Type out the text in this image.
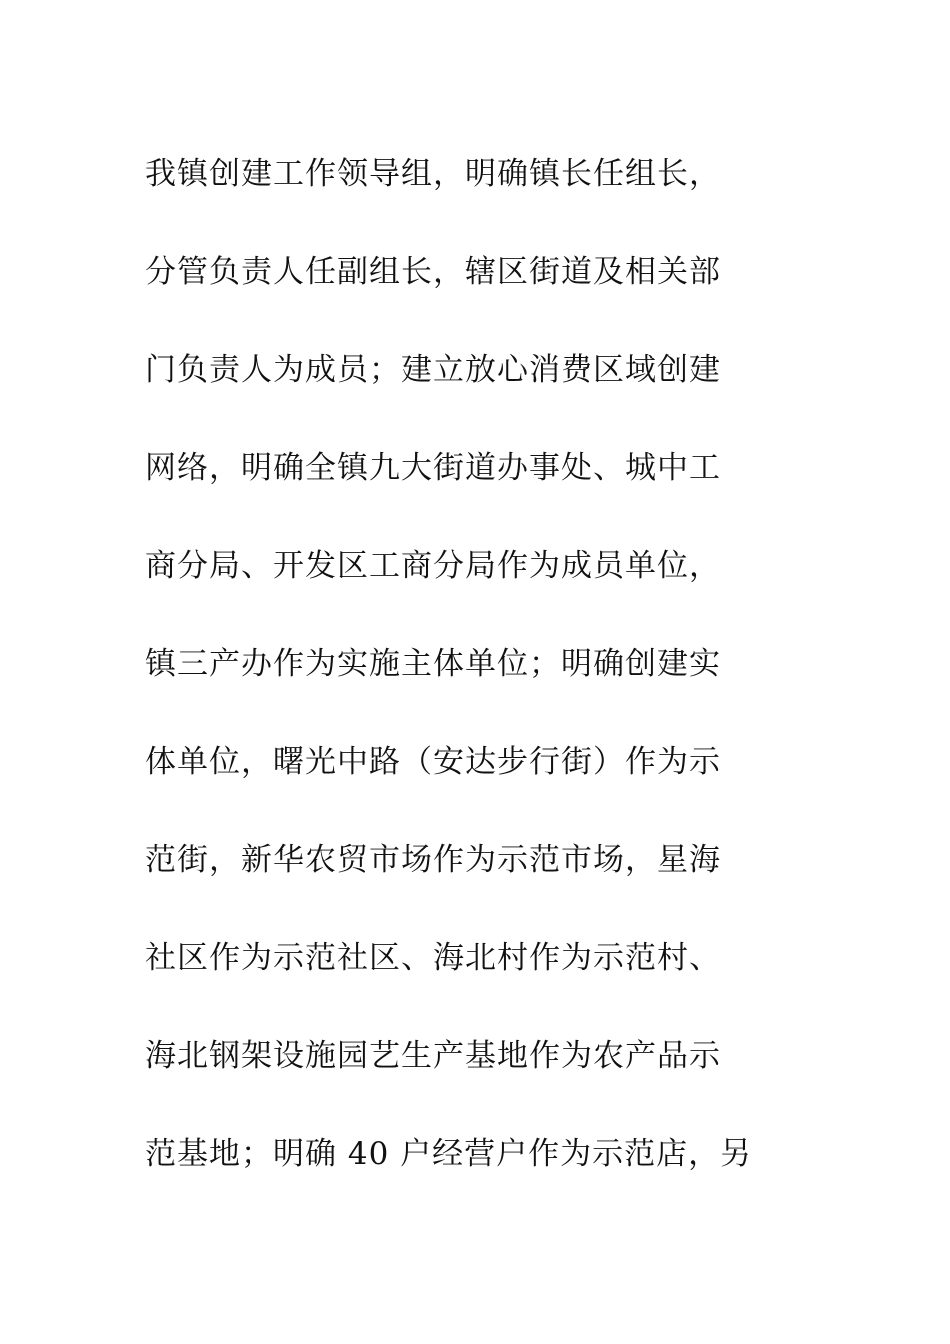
我镇创建工作领导组，明确镇长任组长，
分管负责人任副组长，辖区街道及相关部
门负责人为成员；建立放心消费区域创建
网络，明确全镇九大街道办事处、城中工
商分局、开发区工商分局作为成员单位，
镇三产办作为实施主体单位；明确创建实
体单位，曙光中路（安达步行街）作为示
范街，新华农贸市场作为示范市场，星海
社区作为示范社区、海北村作为示范村、
海北钢架设施园艺生产基地作为农产品示
范基地；明确 40 户经营户作为示范店，另
